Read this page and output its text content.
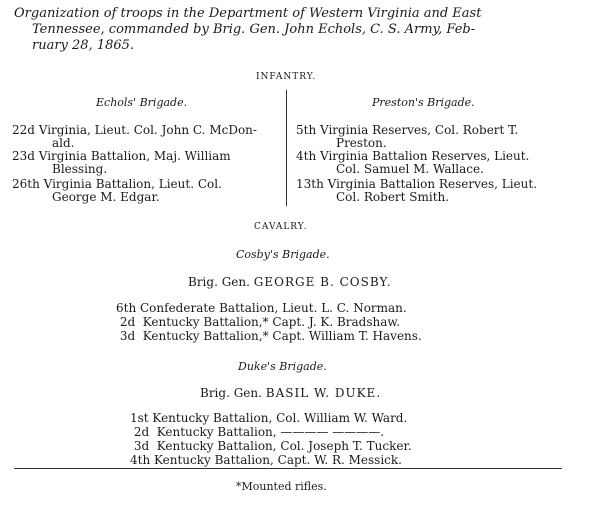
Organization of troops in the Department of Western Virginia and East
Tennessee, commanded by Brig. Gen. John Echols, C. S. Army, Feb-
ruary 28, 1865.
INFANTRY.
Echols' Brigade.	Preston's Brigade.
22d Virginia, Lieut. Col. John C. McDon-
ald.
23d Virginia Battalion, Maj. William
Blessing.
26th Virginia Battalion, Lieut. Col.
George M. Edgar.
5th Virginia Reserves, Col. Robert T.
Preston.
4th Virginia Battalion Reserves, Lieut.
Col. Samuel M. Wallace.
13th Virginia Battalion Reserves, Lieut.
Col. Robert Smith.
CAVALRY.
Cosby's Brigade.
Brig. Gen. GEORGE B. COSBY.
6th Confederate Battalion, Lieut. L. C. Norman.
2d  Kentucky Battalion,* Capt. J. K. Bradshaw.
3d  Kentucky Battalion,* Capt. William T. Havens.
Duke's Brigade.
Brig. Gen. BASIL W. DUKE.
1st Kentucky Battalion, Col. William W. Ward.
2d  Kentucky Battalion, ———— ————.
3d  Kentucky Battalion, Col. Joseph T. Tucker.
4th Kentucky Battalion, Capt. W. R. Messick.
*Mounted rifles.
